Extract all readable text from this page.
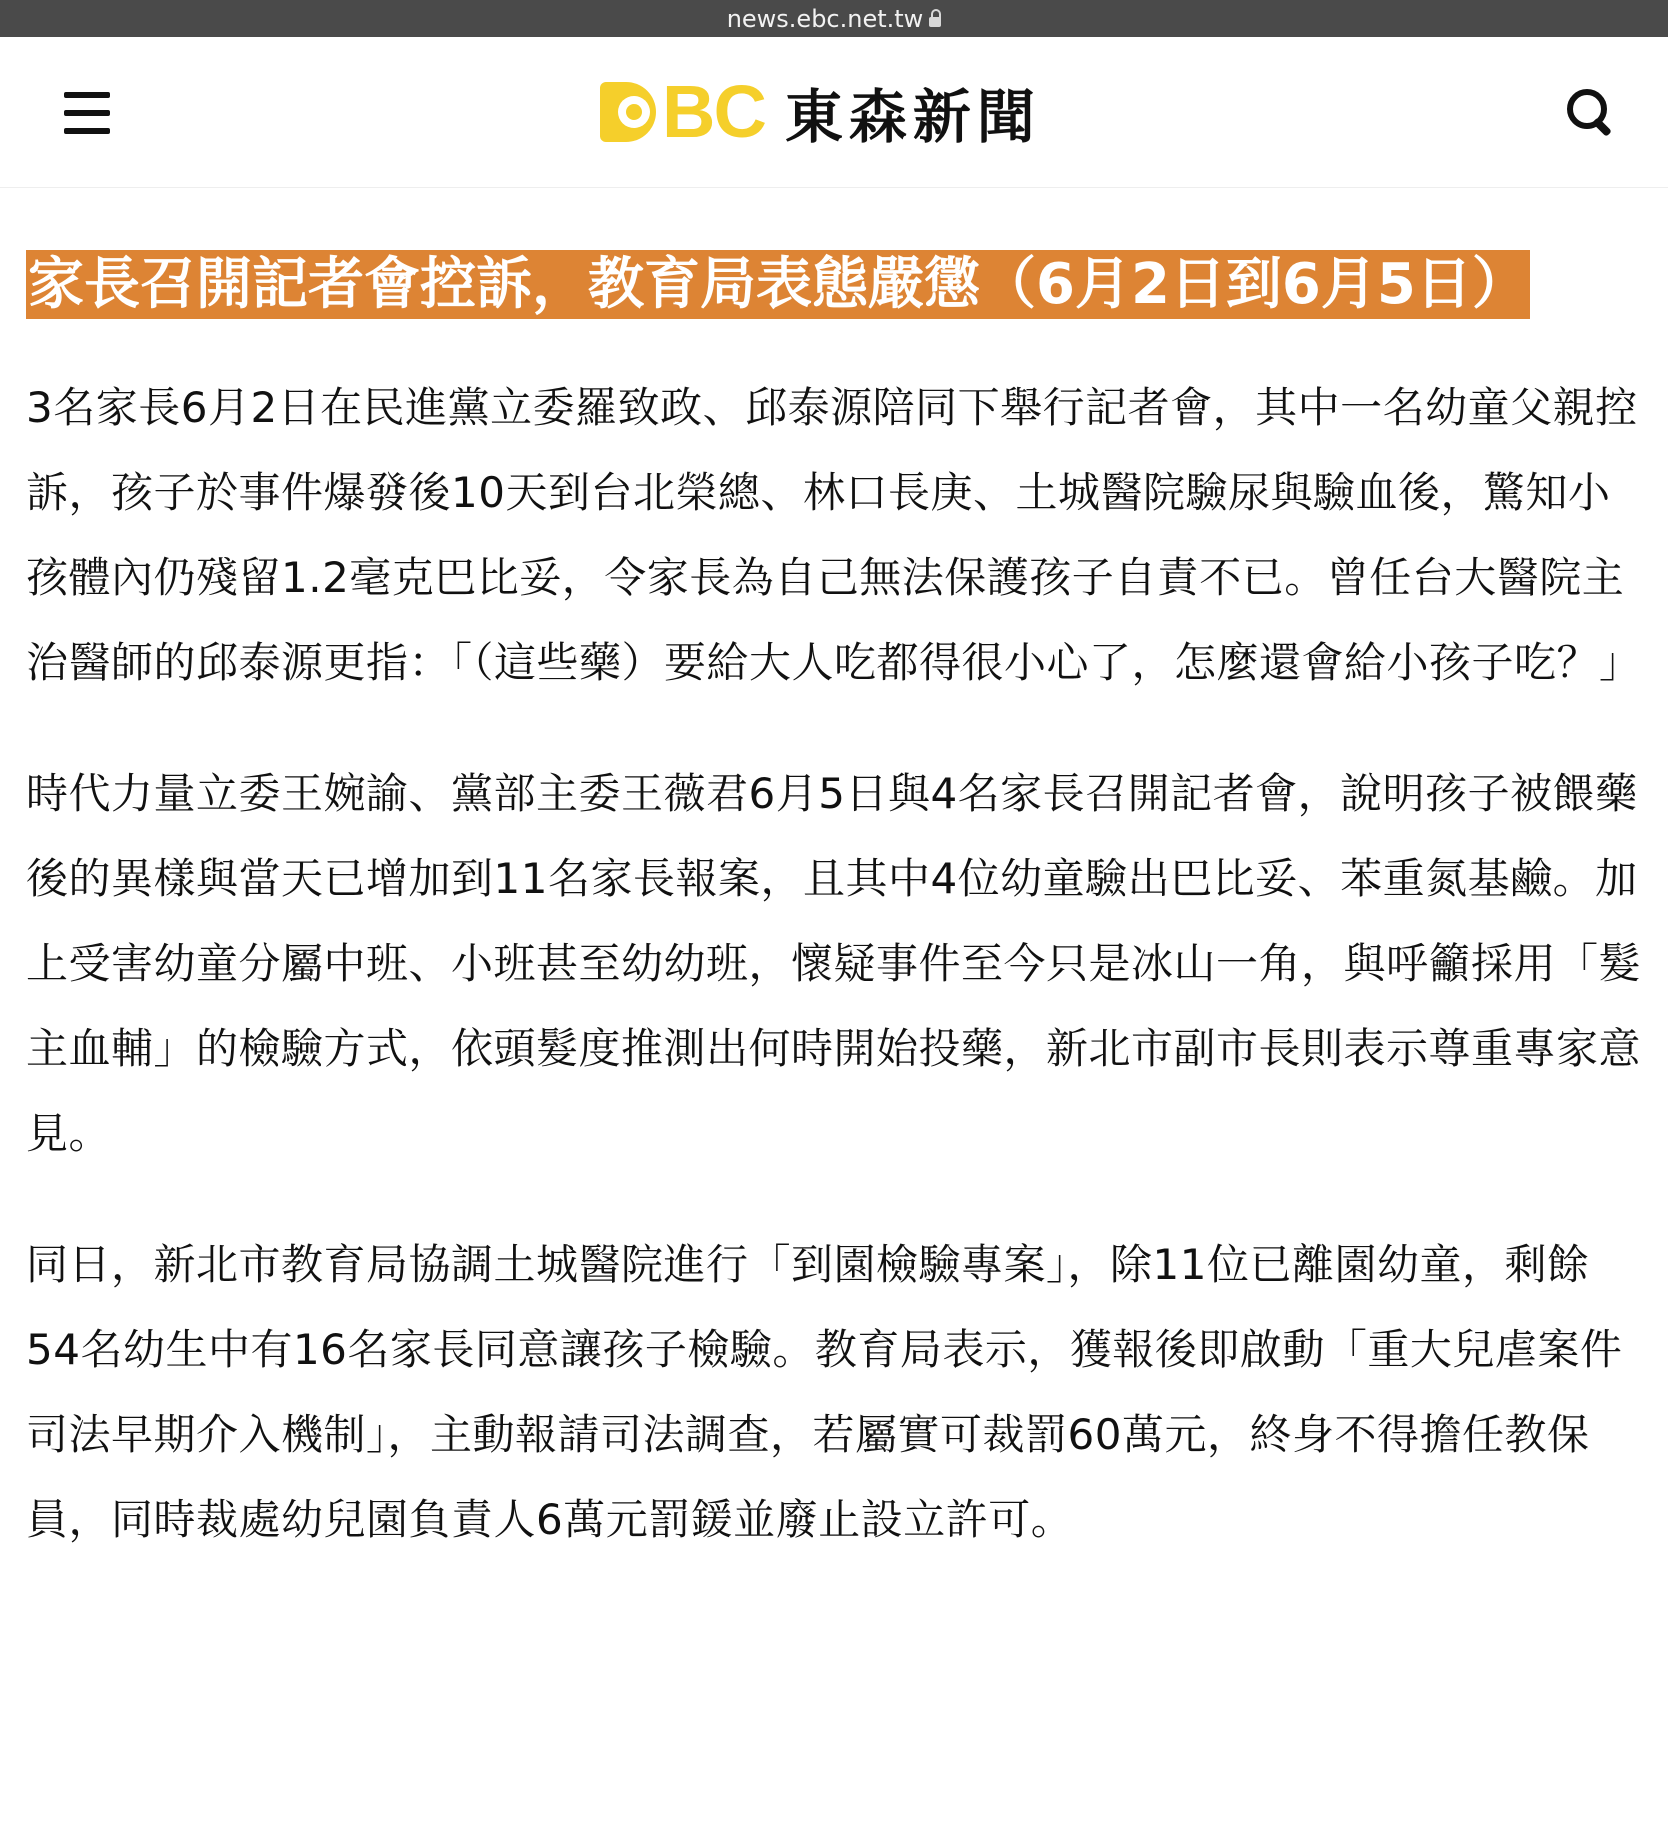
news.ebc.net.tw
BC 東森新聞
家長召開記者會控訴，教育局表態嚴懲（6月2日到6月5日）

3名家長6月2日在民進黨立委羅致政、邱泰源陪同下舉行記者會，其中一名幼童父親控訴，孩子於事件爆發後10天到台北榮總、林口長庚、土城醫院驗尿與驗血後，驚知小孩體內仍殘留1.2毫克巴比妥，令家長為自己無法保護孩子自責不已。曾任台大醫院主治醫師的邱泰源更指：「（這些藥）要給大人吃都得很小心了，怎麼還會給小孩子吃？」

時代力量立委王婉諭、黨部主委王薇君6月5日與4名家長召開記者會，說明孩子被餵藥後的異樣與當天已增加到11名家長報案，且其中4位幼童驗出巴比妥、苯重氮基鹼。加上受害幼童分屬中班、小班甚至幼幼班，懷疑事件至今只是冰山一角，與呼籲採用「髮主血輔」的檢驗方式，依頭髮度推測出何時開始投藥，新北市副市長則表示尊重專家意見。

同日，新北市教育局協調土城醫院進行「到園檢驗專案」，除11位已離園幼童，剩餘54名幼生中有16名家長同意讓孩子檢驗。教育局表示，獲報後即啟動「重大兒虐案件司法早期介入機制」，主動報請司法調查，若屬實可裁罰60萬元，終身不得擔任教保員，同時裁處幼兒園負責人6萬元罰鍰並廢止設立許可。
